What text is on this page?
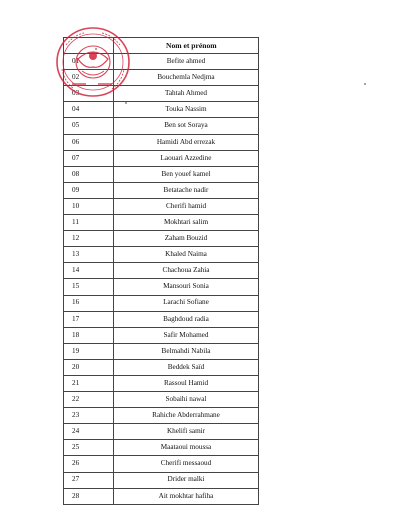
	Nom et prénom
01	Befite ahmed
02	Bouchemla Nedjma
03	Tahtah Ahmed
04	Touka Nassim
05	Ben sot Soraya
06	Hamidi Abd errezak
07	Laouari Azzedine
08	Ben youef kamel
09	Betatache nadir
10	Cherifi hamid
11	Mokhtari salim
12	Zaham Bouzid
13	Khaled Naima
14	Chachoua Zahia
15	Mansouri Sonia
16	Larachi Sofiane
17	Baghdoud radia
18	Safir Mohamed
19	Belmahdi Nabila
20	Beddek Saïd
21	Rassoul Hamid
22	Sobaihi nawal
23	Rahiche Abderrahmane
24	Khelifi samir
25	Maataoui moussa
26	Cherifi messaoud
27	Drider malki
28	Ait mokhtar hafiha
